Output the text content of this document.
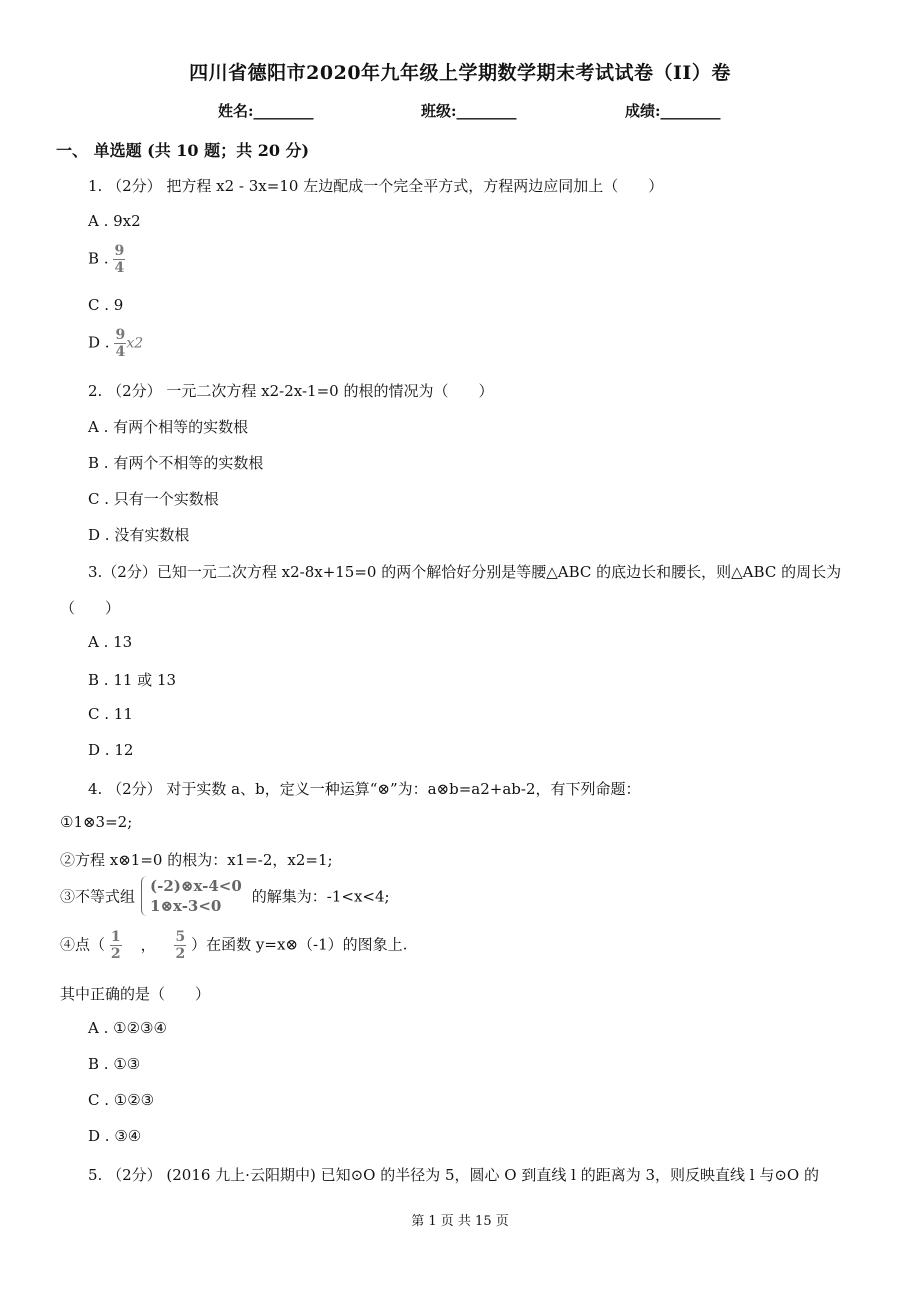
四川省德阳市2020年九年级上学期数学期末考试试卷（II）卷
姓名:________	班级:________	成绩:________
一、 单选题 (共 10 题；共 20 分)
1. （2分） 把方程 x2 - 3x=10 左边配成一个完全平方式，方程两边应同加上（　　）
A . 9x2
B . $\frac{9}{4}$
C . 9
D . $\frac{9}{4} x2$
2. （2分） 一元二次方程 x2-2x-1=0 的根的情况为（　　）
A . 有两个相等的实数根
B . 有两个不相等的实数根
C . 只有一个实数根
D . 没有实数根
3.（2分）已知一元二次方程 x2-8x+15=0 的两个解恰好分别是等腰△ABC 的底边长和腰长，则△ABC 的周长为
（　　）
A . 13
B . 11 或 13
C . 11
D . 12
4. （2分） 对于实数 a、b，定义一种运算“⊗”为：a⊗b=a2+ab-2，有下列命题：
①1⊗3=2;
②方程 x⊗1=0 的根为：x1=-2，x2=1;
③不等式组
(-2)⊗x-4<0
1⊗x-3<0
的解集为：-1<x<4;
④点（ $\frac{1}{2}$ ， $\frac{5}{2}$ ）在函数 y=x⊗（-1）的图象上.
其中正确的是（　　）
A . ①②③④
B . ①③
C . ①②③
D . ③④
5. （2分） (2016 九上·云阳期中) 已知⊙O 的半径为 5，圆心 O 到直线 l 的距离为 3，则反映直线 l 与⊙O 的
第 1 页 共 15 页
